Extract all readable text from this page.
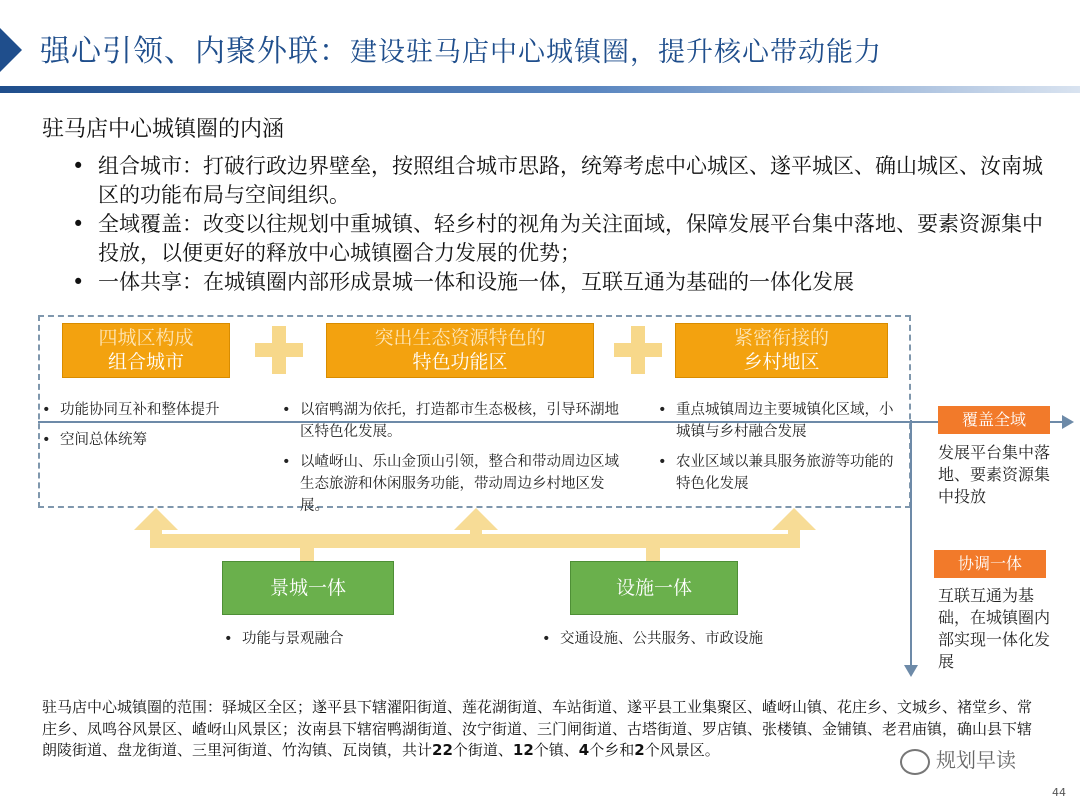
强心引领、内聚外联：建设驻马店中心城镇圈，提升核心带动能力
驻马店中心城镇圈的内涵
• 组合城市：打破行政边界壁垒，按照组合城市思路，统筹考虑中心城区、遂平城区、确山城区、汝南城区的功能布局与空间组织。
• 全域覆盖：改变以往规划中重城镇、轻乡村的视角为关注面域，保障发展平台集中落地、要素资源集中投放，以便更好的释放中心城镇圈合力发展的优势；
• 一体共享：在城镇圈内部形成景城一体和设施一体，互联互通为基础的一体化发展
四城区构成
组合城市
突出生态资源特色的
特色功能区
紧密衔接的
乡村地区
• 功能协同互补和整体提升
• 空间总体统筹
• 以宿鸭湖为依托，打造都市生态极核，引导环湖地区特色化发展。
• 以嵖岈山、乐山金顶山引领，整合和带动周边区域生态旅游和休闲服务功能，带动周边乡村地区发展。
• 重点城镇周边主要城镇化区域，小城镇与乡村融合发展
• 农业区域以兼具服务旅游等功能的特色化发展
覆盖全域
发展平台集中落地、要素资源集中投放
协调一体
互联互通为基础，在城镇圈内部实现一体化发展
景城一体	设施一体
• 功能与景观融合
•	交通设施、公共服务、市政设施
驻马店中心城镇圈的范围：驿城区全区；遂平县下辖濯阳街道、莲花湖街道、车站街道、遂平县工业集聚区、嵖岈山镇、花庄乡、文城乡、褚堂乡、常庄乡、凤鸣谷风景区、嵖岈山风景区；汝南县下辖宿鸭湖街道、汝宁街道、三门闸街道、古塔街道、罗店镇、张楼镇、金铺镇、老君庙镇，确山县下辖朗陵街道、盘龙街道、三里河街道、竹沟镇、瓦岗镇，共计22个街道、12个镇、4个乡和2个风景区。	规划早读
44
